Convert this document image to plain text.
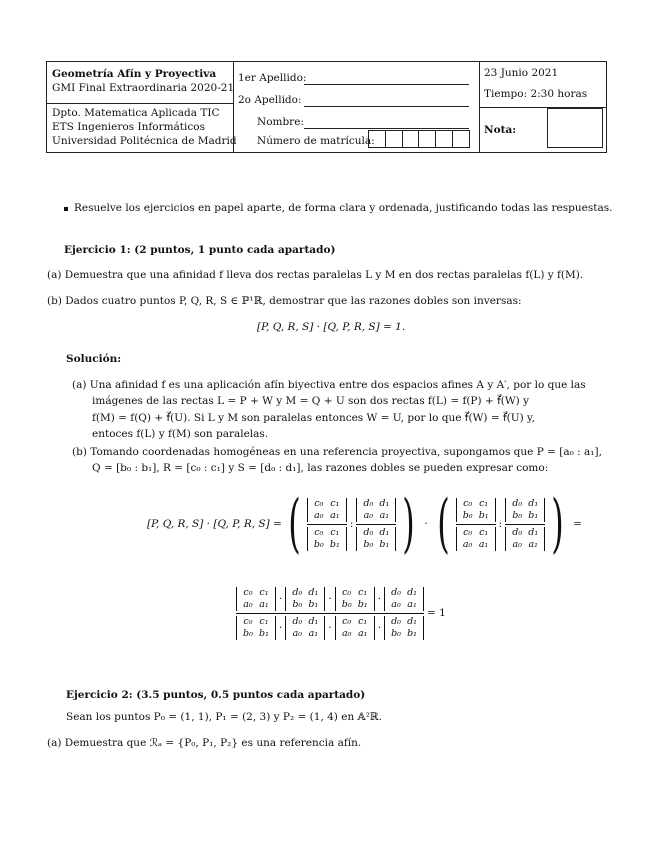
Geometría Afín y Proyectiva
GMI Final Extraordinaria 2020-21
Dpto. Matematica Aplicada TIC
ETS Ingenieros Informáticos
Universidad Politécnica de Madrid
1er Apellido:
2o Apellido:
Nombre:
Número de matrícula:
23 Junio 2021
Tiempo: 2:30 horas
Nota:
Resuelve los ejercicios en papel aparte, de forma clara y ordenada, justificando todas las respuestas.
Ejercicio 1: (2 puntos, 1 punto cada apartado)
(a) Demuestra que una afinidad f lleva dos rectas paralelas L y M en dos rectas paralelas f(L) y f(M).
(b) Dados cuatro puntos P, Q, R, S ∈ ℙ¹ℝ, demostrar que las razones dobles son inversas:
[P, Q, R, S] · [Q, P, R, S] = 1.
Solución:
(a) Una afinidad f es una aplicación afín biyectiva entre dos espacios afines A y A′, por lo que las
imágenes de las rectas L = P + W y M = Q + U son dos rectas f(L) = f(P) + f⃗(W) y
f(M) = f(Q) + f⃗(U). Si L y M son paralelas entonces W = U, por lo que f⃗(W) = f⃗(U) y,
entoces f(L) y f(M) son paralelas.
(b) Tomando coordenadas homogéneas en una referencia proyectiva, supongamos que P = [a₀ : a₁],
Q = [b₀ : b₁], R = [c₀ : c₁] y S = [d₀ : d₁], las razones dobles se pueden expresar como:
[P, Q, R, S] · [Q, P, R, S] = ( c₀ c₁
a₀ a₁
c₀ c₁
b₀ b₁ : d₀ d₁
a₀ a₁
d₀ d₁
b₀ b₁ ) · ( c₀ c₁
b₀ b₁
c₀ c₁
a₀ a₁ : d₀ d₁
b₀ b₁
d₀ d₁
a₀ a₁ ) =
c₀ c₁
a₀ a₁ ·
d₀ d₁
b₀ b₁ ·
c₀ c₁
b₀ b₁ ·
d₀ d₁
a₀ a₁
c₀ c₁
b₀ b₁ ·
d₀ d₁
a₀ a₁ ·
c₀ c₁
a₀ a₁ ·
d₀ d₁
b₀ b₁ = 1
Ejercicio 2: (3.5 puntos, 0.5 puntos cada apartado)
Sean los puntos P₀ = (1, 1), P₁ = (2, 3) y P₂ = (1, 4) en 𝔸²ℝ.
(a) Demuestra que ℛₐ = {P₀, P₁, P₂} es una referencia afín.
